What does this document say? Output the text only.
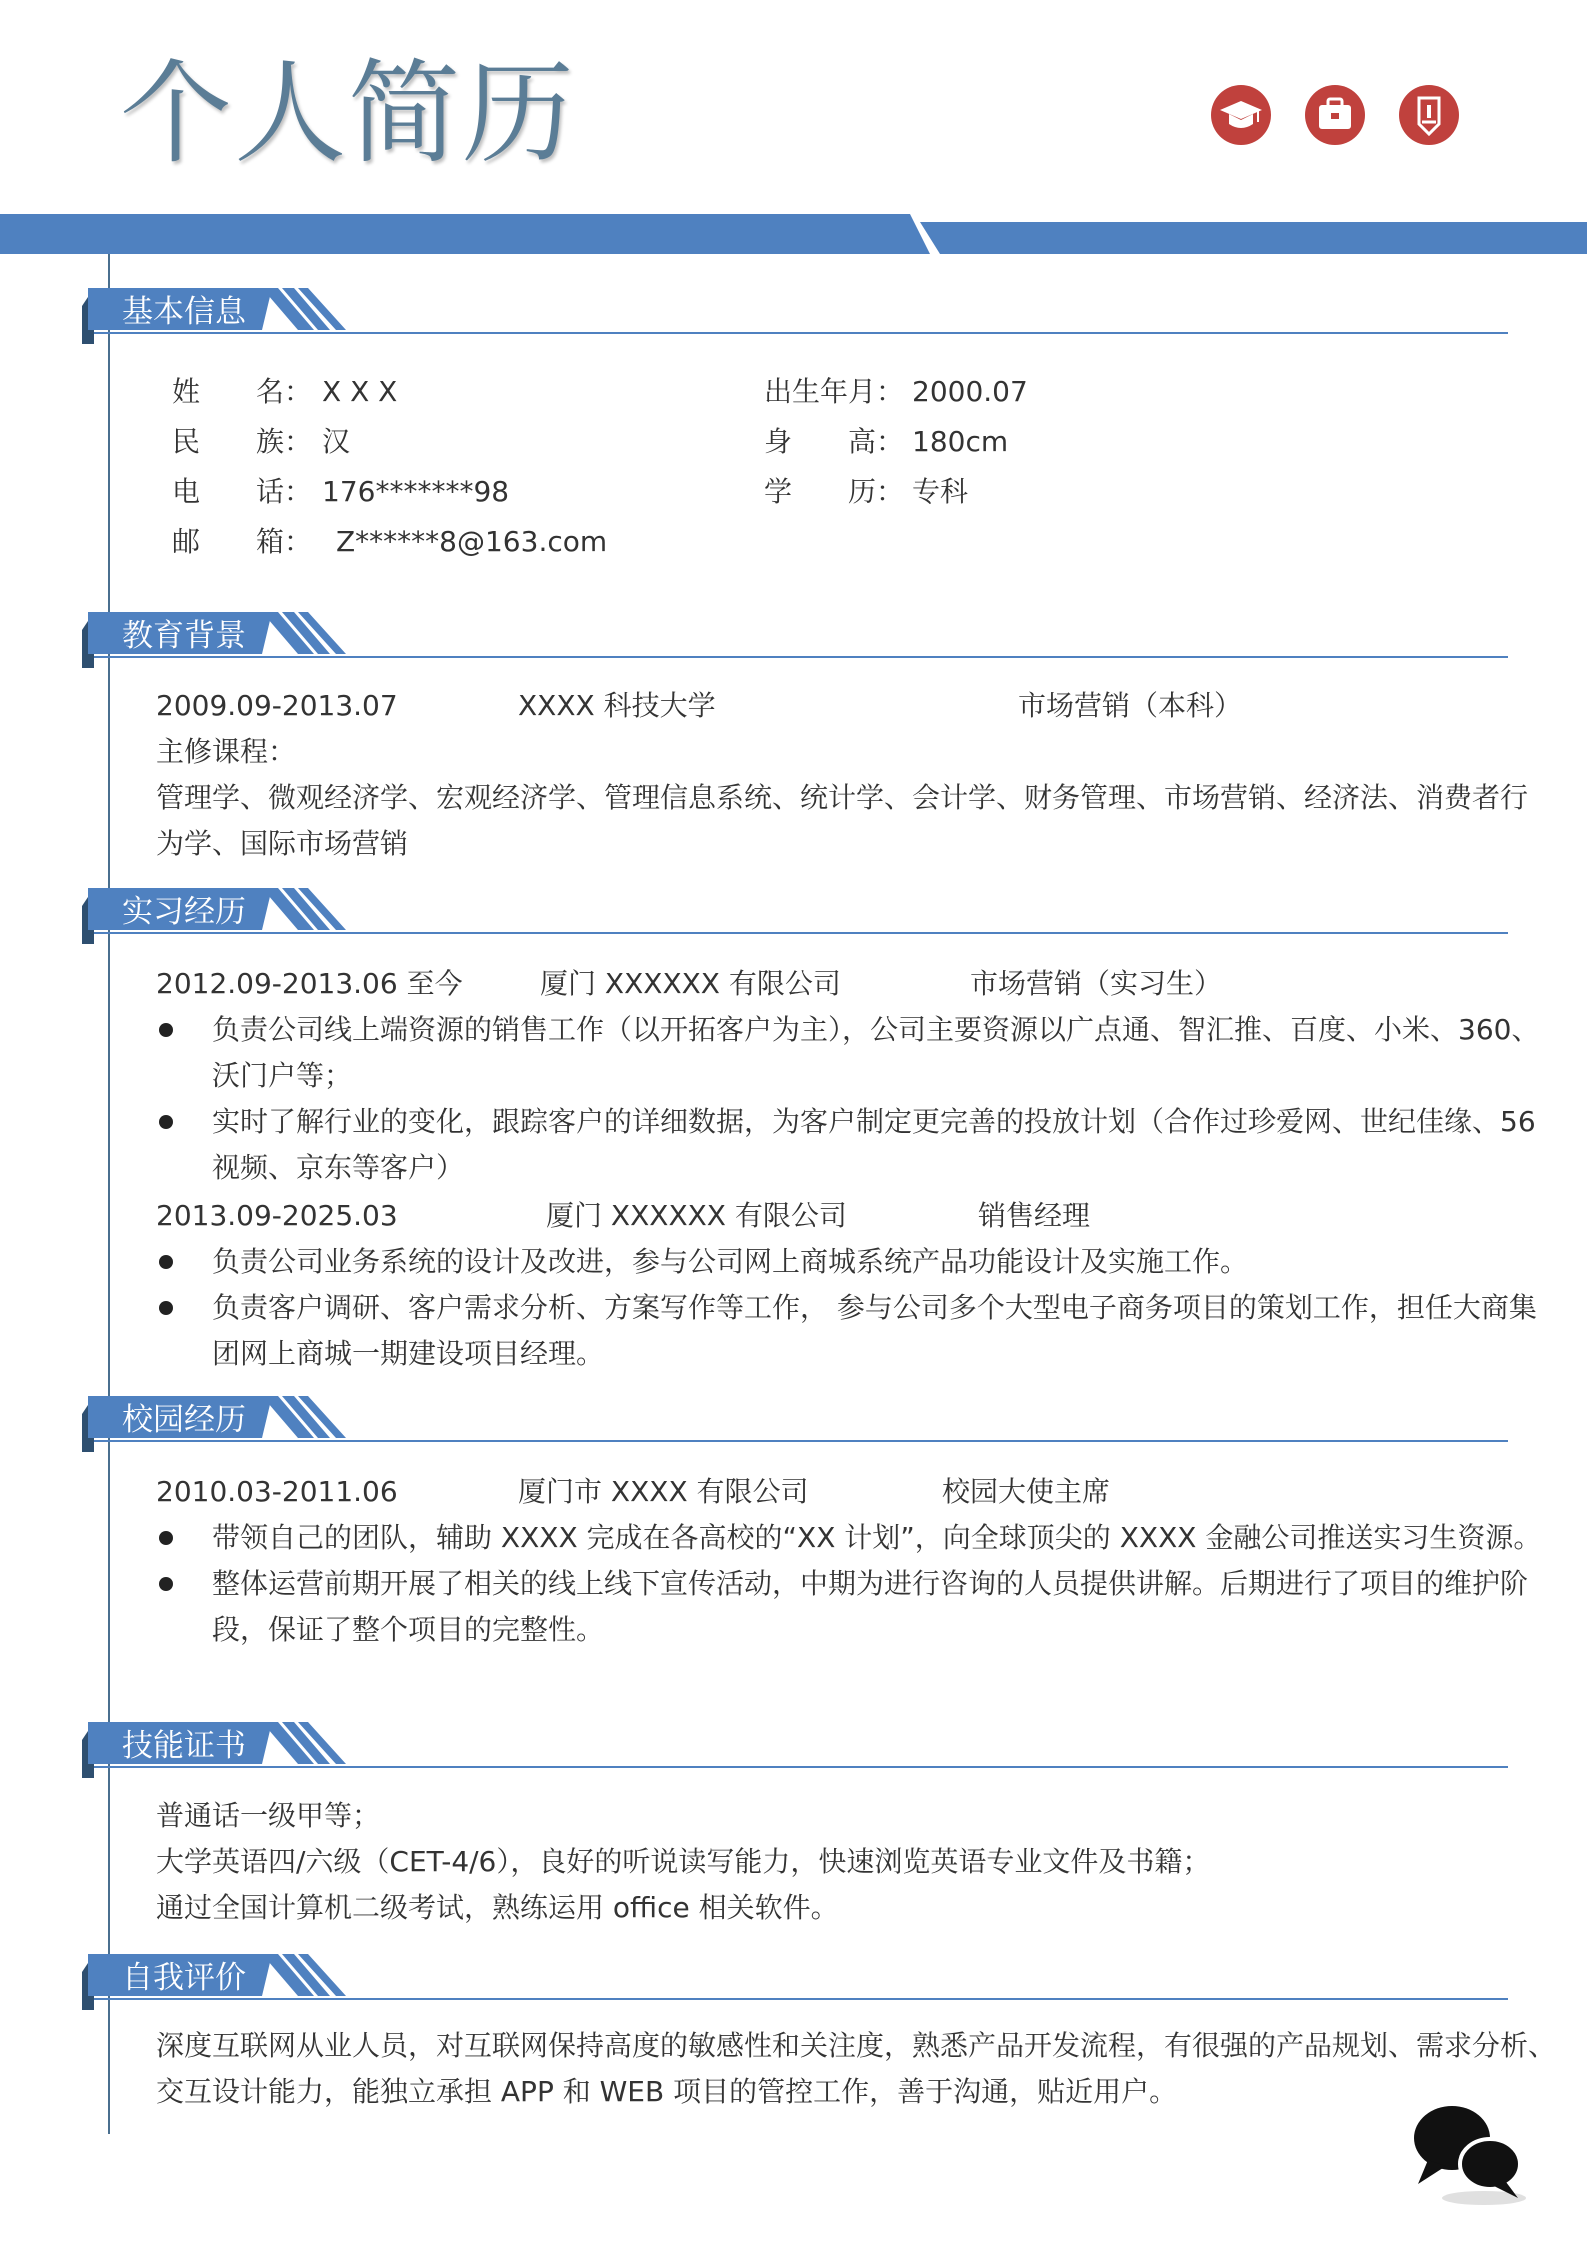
个人简历
基本信息
姓　　名： X X X	出生年月： 2000.07
民　　族： 汉	身　　高： 180cm
电　　话： 176*******98	学　　历： 专科
邮　　箱： Z******8@163.com
教育背景
2009.09-2013.07	XXXX 科技大学	市场营销（本科）
主修课程：
管理学、微观经济学、宏观经济学、管理信息系统、统计学、会计学、财务管理、市场营销、经济法、消费者行
为学、国际市场营销
实习经历
2012.09-2013.06 至今	厦门 XXXXXX 有限公司	市场营销（实习生）
负责公司线上端资源的销售工作（以开拓客户为主），公司主要资源以广点通、智汇推、百度、小米、360、
沃门户等；
实时了解行业的变化，跟踪客户的详细数据，为客户制定更完善的投放计划（合作过珍爱网、世纪佳缘、56
视频、京东等客户）
2013.09-2025.03	厦门 XXXXXX 有限公司	销售经理
负责公司业务系统的设计及改进，参与公司网上商城系统产品功能设计及实施工作。
负责客户调研、客户需求分析、方案写作等工作， 参与公司多个大型电子商务项目的策划工作，担任大商集
团网上商城一期建设项目经理。
校园经历
2010.03-2011.06	厦门市 XXXX 有限公司	校园大使主席
带领自己的团队，辅助 XXXX 完成在各高校的“XX 计划”，向全球顶尖的 XXXX 金融公司推送实习生资源。
整体运营前期开展了相关的线上线下宣传活动，中期为进行咨询的人员提供讲解。后期进行了项目的维护阶
段，保证了整个项目的完整性。
技能证书
普通话一级甲等；
大学英语四/六级（CET-4/6），良好的听说读写能力，快速浏览英语专业文件及书籍；
通过全国计算机二级考试，熟练运用 office 相关软件。
自我评价
深度互联网从业人员，对互联网保持高度的敏感性和关注度，熟悉产品开发流程，有很强的产品规划、需求分析、
交互设计能力，能独立承担 APP 和 WEB 项目的管控工作，善于沟通，贴近用户。
